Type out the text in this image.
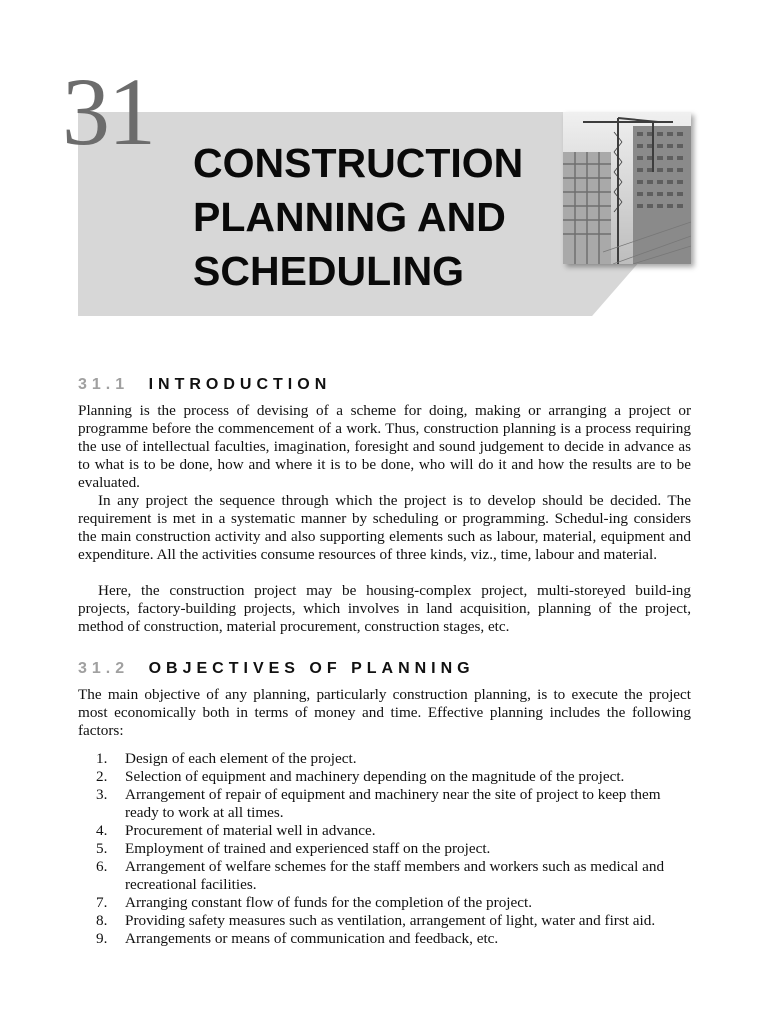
31 CONSTRUCTION
PLANNING AND
SCHEDULING
31.1 INTRODUCTION

Planning is the process of devising of a scheme for doing, making or arranging a project or programme before the commencement of a work. Thus, construction planning is a process requiring the use of intellectual faculties, imagination, foresight and sound judgement to decide in advance as to what is to be done, how and where it is to be done, who will do it and how the results are to be evaluated.

In any project the sequence through which the project is to develop should be decided. The requirement is met in a systematic manner by scheduling or programming. Schedul-ing considers the main construction activity and also supporting elements such as labour, material, equipment and expenditure. All the activities consume resources of three kinds, viz., time, labour and material.

Here, the construction project may be housing-complex project, multi-storeyed build-ing projects, factory-building projects, which involves in land acquisition, planning of the project, method of construction, material procurement, construction stages, etc.

31.2 OBJECTIVES OF PLANNING

The main objective of any planning, particularly construction planning, is to execute the project most economically both in terms of money and time. Effective planning includes the following factors:

1.	Design of each element of the project.
2.	Selection of equipment and machinery depending on the magnitude of the project.
3.	Arrangement of repair of equipment and machinery near the site of project to keep them ready to work at all times.
4.	Procurement of material well in advance.
5.	Employment of trained and experienced staff on the project.
6.	Arrangement of welfare schemes for the staff members and workers such as medical and recreational facilities.
7.	Arranging constant flow of funds for the completion of the project.
8.	Providing safety measures such as ventilation, arrangement of light, water and first aid.
9.	Arrangements or means of communication and feedback, etc.
